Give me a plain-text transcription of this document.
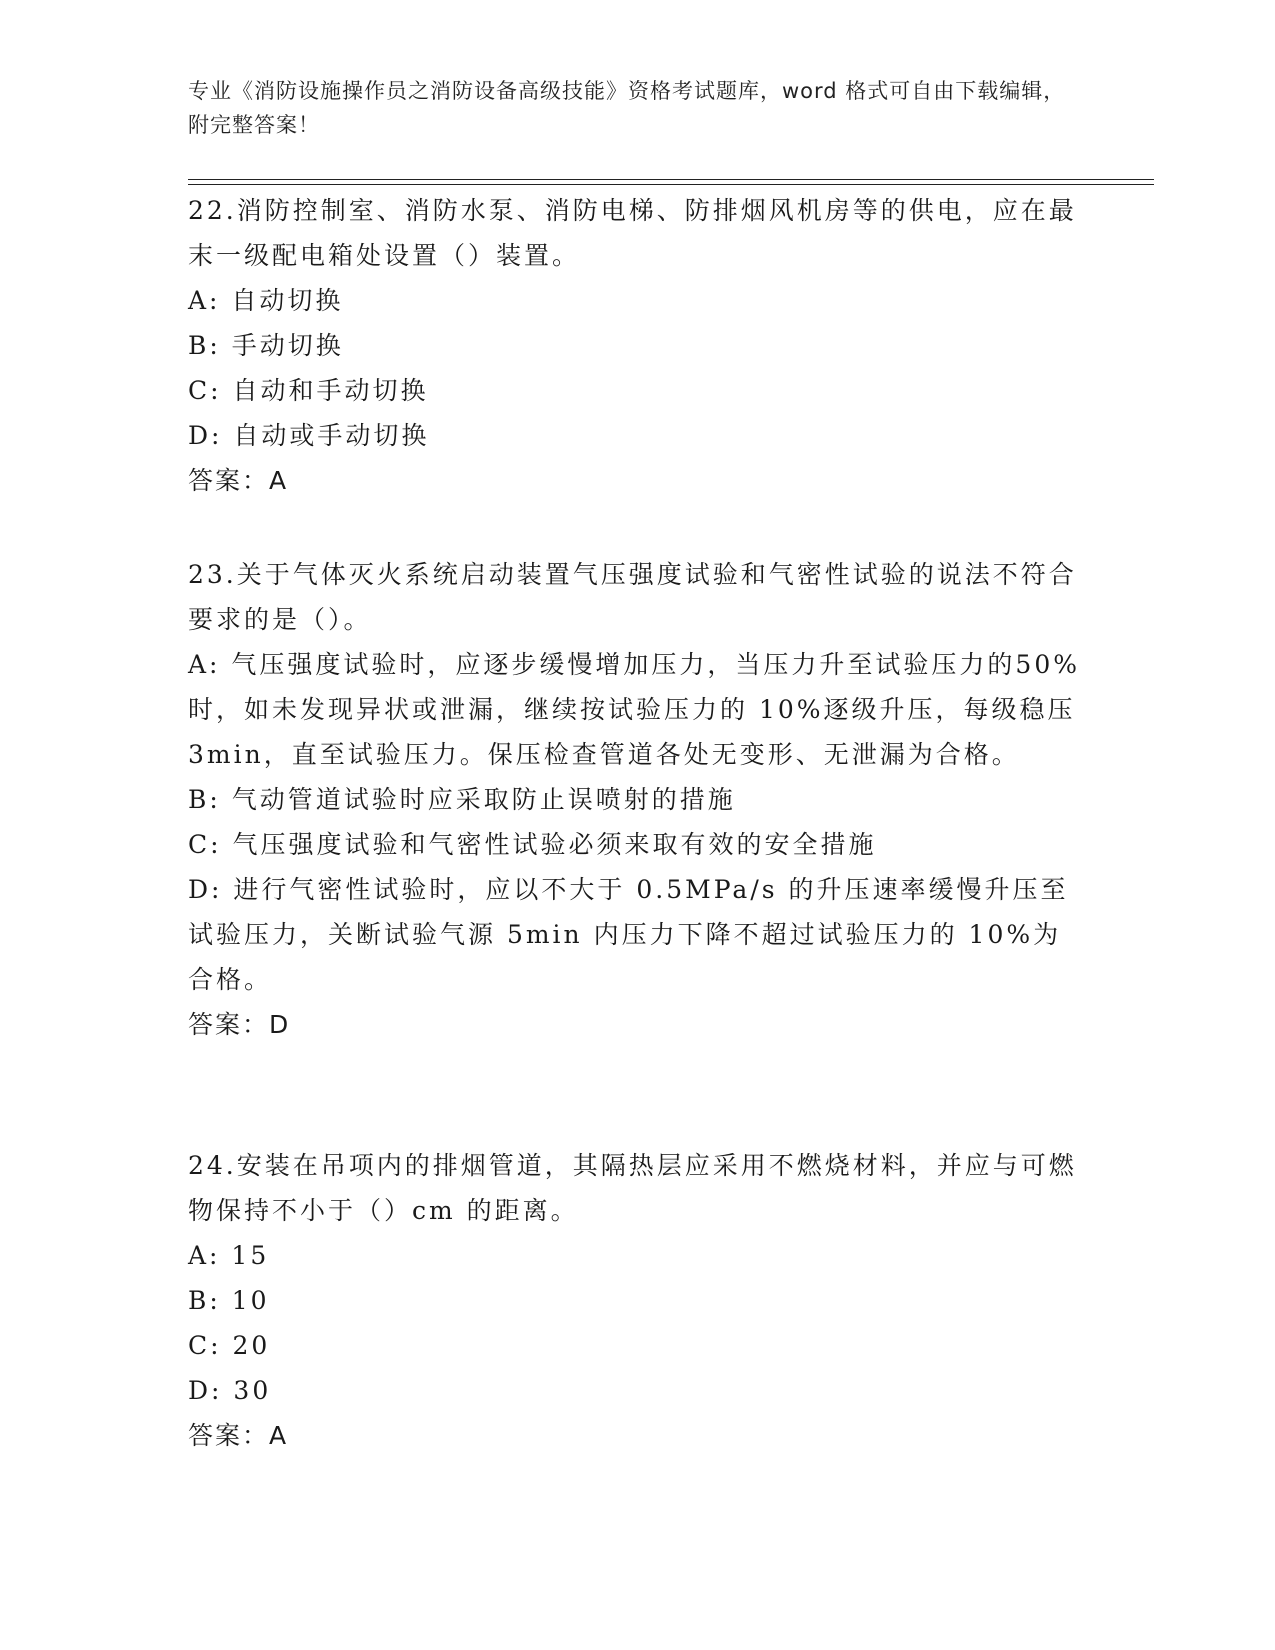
专业《消防设施操作员之消防设备高级技能》资格考试题库，word 格式可自由下载编辑，附完整答案！

22.消防控制室、消防水泵、消防电梯、防排烟风机房等的供电，应在最末一级配电箱处设置（）装置。

A: 自动切换

B: 手动切换

C: 自动和手动切换

D: 自动或手动切换

答案：A

23.关于气体灭火系统启动装置气压强度试验和气密性试验的说法不符合要求的是（）。

A: 气压强度试验时，应逐步缓慢增加压力，当压力升至试验压力的50%时，如未发现异状或泄漏，继续按试验压力的 10%逐级升压，每级稳压 3min，直至试验压力。保压检查管道各处无变形、无泄漏为合格。

B: 气动管道试验时应采取防止误喷射的措施

C: 气压强度试验和气密性试验必须来取有效的安全措施

D: 进行气密性试验时，应以不大于 0.5MPa/s 的升压速率缓慢升压至试验压力，关断试验气源 5min 内压力下降不超过试验压力的 10%为合格。

答案：D

24.安装在吊项内的排烟管道，其隔热层应采用不燃烧材料，并应与可燃物保持不小于（）cm 的距离。

A: 15

B: 10

C: 20

D: 30

答案：A
